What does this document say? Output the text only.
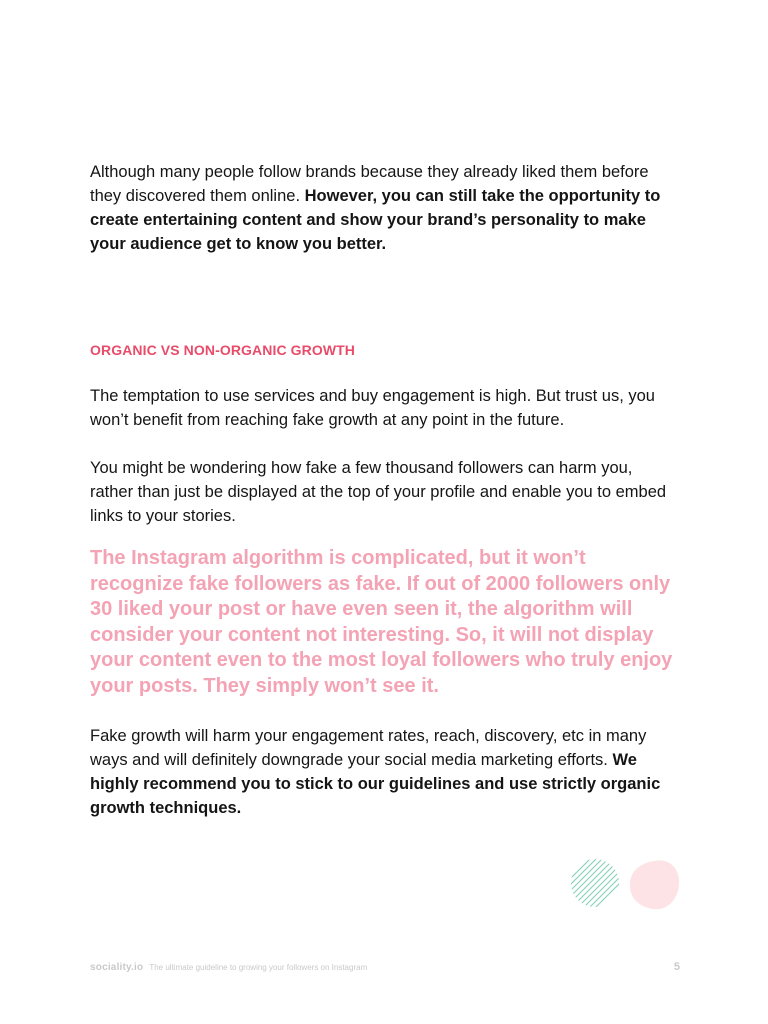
Although many people follow brands because they already liked them before they discovered them online. However, you can still take the opportunity to create entertaining content and show your brand’s personality to make your audience get to know you better.

ORGANIC VS NON-ORGANIC GROWTH

The temptation to use services and buy engagement is high. But trust us, you won’t benefit from reaching fake growth at any point in the future.

You might be wondering how fake a few thousand followers can harm you, rather than just be displayed at the top of your profile and enable you to embed links to your stories.

The Instagram algorithm is complicated, but it won’t recognize fake followers as fake. If out of 2000 followers only 30 liked your post or have even seen it, the algorithm will consider your content not interesting. So, it will not display your content even to the most loyal followers who truly enjoy your posts. They simply won’t see it.

Fake growth will harm your engagement rates, reach, discovery, etc in many ways and will definitely downgrade your social media marketing efforts. We highly recommend you to stick to our guidelines and use strictly organic growth techniques.

sociality.io The ultimate guideline to growing your followers on Instagram	5
